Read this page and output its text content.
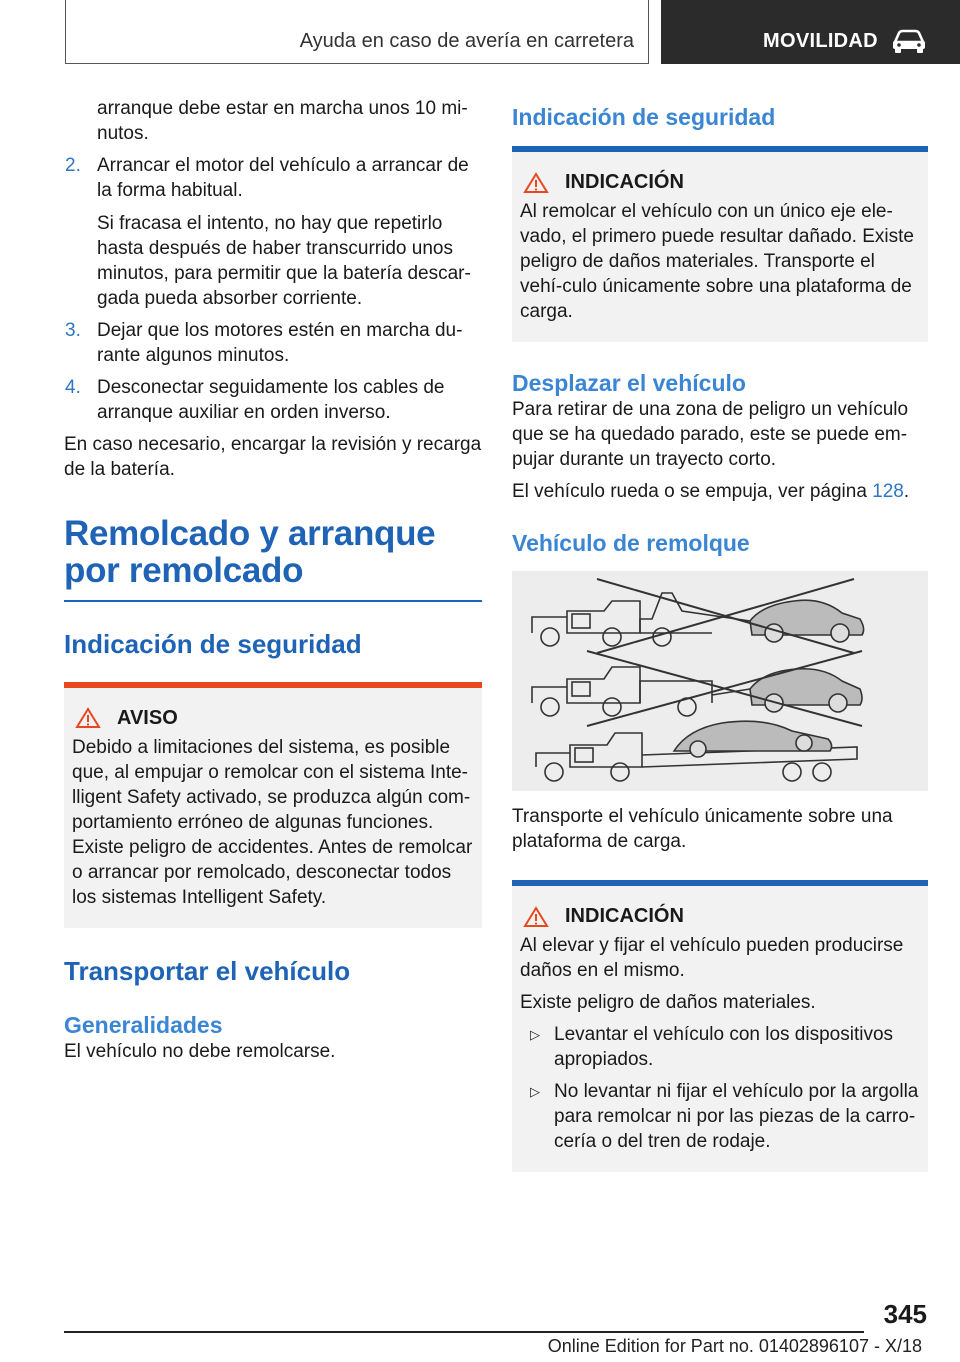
Ayuda en caso de avería en carretera	MOVILIDAD

arranque debe estar en marcha unos 10 mi-
nutos.

2. Arrancar el motor del vehículo a arrancar de la forma habitual.
Si fracasa el intento, no hay que repetirlo hasta después de haber transcurrido unos minutos, para permitir que la batería descar-gada pueda absorber corriente.
3. Dejar que los motores estén en marcha du-rante algunos minutos.
4. Desconectar seguidamente los cables de arranque auxiliar en orden inverso.

En caso necesario, encargar la revisión y recarga de la batería.

Remolcado y arranque por remolcado
Indicación de seguridad
AVISO
Debido a limitaciones del sistema, es posible que, al empujar o remolcar con el sistema Inte-lligent Safety activado, se produzca algún com-portamiento erróneo de algunas funciones. Existe peligro de accidentes. Antes de remolcar o arrancar por remolcado, desconectar todos los sistemas Intelligent Safety.
Transportar el vehículo
Generalidades

El vehículo no debe remolcarse.

Indicación de seguridad
INDICACIÓN
Al remolcar el vehículo con un único eje ele-vado, el primero puede resultar dañado. Existe peligro de daños materiales. Transporte el vehí-culo únicamente sobre una plataforma de carga.
Desplazar el vehículo

Para retirar de una zona de peligro un vehículo que se ha quedado parado, este se puede em-pujar durante un trayecto corto.

El vehículo rueda o se empuja, ver página 128.

Vehículo de remolque

Transporte el vehículo únicamente sobre una plataforma de carga.

INDICACIÓN
Al elevar y fijar el vehículo pueden producirse daños en el mismo.
Existe peligro de daños materiales.
▷ Levantar el vehículo con los dispositivos apropiados.
▷ No levantar ni fijar el vehículo por la argolla para remolcar ni por las piezas de la carro-cería o del tren de rodaje.
345
Online Edition for Part no. 01402896107 - X/18
